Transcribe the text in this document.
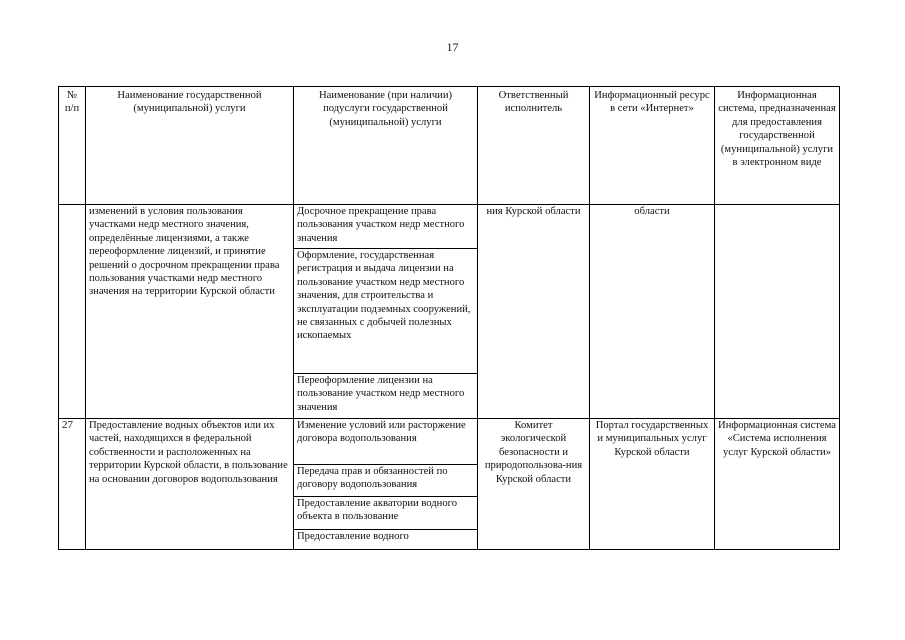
17
№ п/п	Наименование государственной (муниципальной) услуги	Наименование (при наличии) подуслуги государственной (муниципальной) услуги	Ответственный исполнитель	Информационный ресурс в сети «Интернет»	Информационная система, предназначенная для предоставления государственной (муниципальной) услуги в электронном виде
	изменений в условия пользования участками недр местного значения, определённые лицензиями, а также переоформление лицензий, и принятие решений о досрочном прекращении права пользования участками недр местного значения на территории Курской области	Досрочное прекращение права пользования участком недр местного значения	ния Курской области	области	
		Оформление, государственная регистрация и выдача лицензии на пользование участком недр местного значения, для строительства и эксплуатации подземных сооружений, не связанных с добычей полезных ископаемых			
		Переоформление лицензии на пользование участком недр местного значения			
27	Предоставление водных объектов или их частей, находящихся в федеральной собственности и расположенных на территории Курской области, в пользование на основании договоров водопользования	Изменение условий или расторжение договора водопользования	Комитет экологической безопасности и природопользова-ния Курской области	Портал государственных и муниципальных услуг Курской области	Информационная система «Система исполнения услуг Курской области»
		Передача прав и обязанностей по договору водопользования			
		Предоставление акватории водного объекта в пользование			
		Предоставление водного			
